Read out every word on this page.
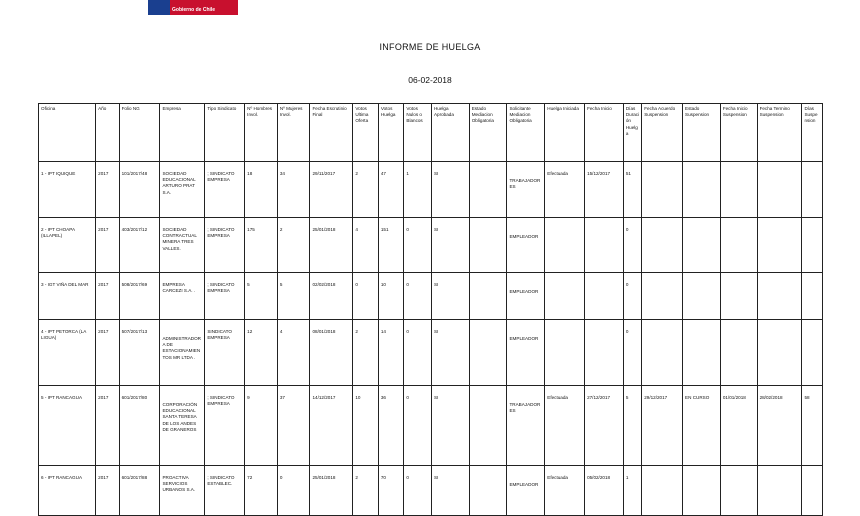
Gobierno de Chile
INFORME DE HUELGA
06-02-2018
Oficina	Año	Folio NG	Empresa	Tipo Sindicato	Nº Hombres Invol.	Nº Mujeres Invol.	Fecha Escrutinio Final	Votos Ultima Oferta	Votos Huelga	Votos Nulos o Blancos	Huelga Aprobada	Estado Mediacion Obligatoria	Solicitante Mediacion Obligatoria	Huelga Iniciada	Fecha Inicio	Días Duración Huelga	Fecha Acuerdo Suspension	Estado Suspension	Fecha Inicio Suspension	Fecha Termino Suspension	Días Suspension
1 - IPT IQUIQUE	2017	101/2017/48	SOCIEDAD EDUCACIONAL ARTURO PRAT S.A.	; SINDICATO EMPRESA	18	34	29/11/2017	2	47	1	SI		TRABAJADORES	Efectuada	15/12/2017	51					
2 - IPT CHOAPA (ILLAPEL)	2017	403/2017/12	SOCIEDAD CONTRACTUAL MINERA TRES VALLES.	; SINDICATO EMPRESA	175	2	25/01/2018	4	151	0	SI		EMPLEADOR			0					
3 - IGT VIÑA DEL MAR	2017	508/2017/69	EMPRESA CARCEZI S.A. .	; SINDICATO EMPRESA	5	5	02/02/2018	0	10	0	SI		EMPLEADOR			0					
4 - IPT PETORCA (LA LIGUA)	2017	507/2017/13	ADMINISTRADORA DE ESTACIONAMIENTOS MR LTDA .	SINDICATO EMPRESA	12	4	08/01/2018	2	14	0	SI		EMPLEADOR			0					
5 - IPT RANCAGUA	2017	601/2017/80	CORPORACIÓN EDUCACIONAL SANTA TERESA DE LOS ANDES DE GRANEROS	; SINDICATO EMPRESA	9	37	14/12/2017	10	36	0	SI		TRABAJADORES	Efectuada	27/12/2017	5	29/12/2017	EN CURSO	01/01/2018	28/02/2018	58
6 - IPT RANCAGUA	2017	601/2017/88	PROACTIVA SERVICIOS URBANOS S.A.	; SINDICATO ESTABLEC.	72	0	25/01/2018	2	70	0	SI		EMPLEADOR	Efectuada	05/02/2018	1					
